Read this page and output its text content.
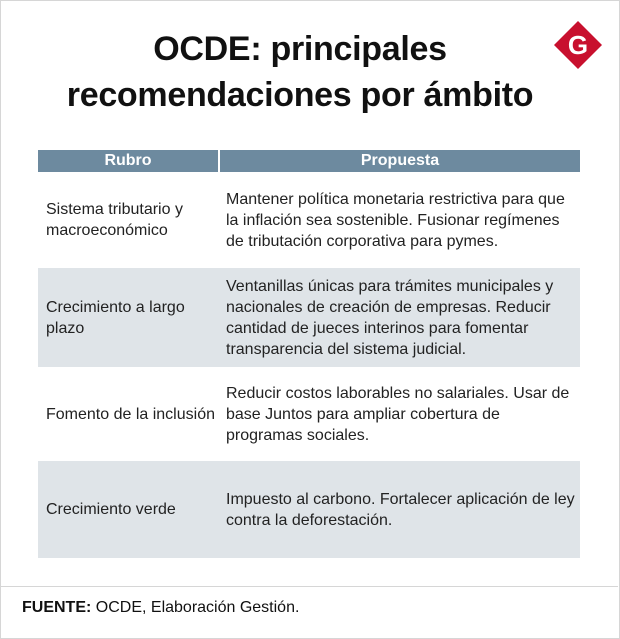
OCDE: principales recomendaciones por ámbito
G
Rubro	Propuesta
Sistema tributario y macroeconómico
Mantener política monetaria restrictiva para que la inflación sea sostenible. Fusionar regímenes de tributación corporativa para pymes.
Crecimiento a largo plazo
Ventanillas únicas para trámites municipales y nacionales de creación de empresas. Reducir cantidad de jueces interinos para fomentar transparencia del sistema judicial.
Fomento de la inclusión
Reducir costos laborables no salariales. Usar de base Juntos para ampliar cobertura de programas sociales.
Crecimiento verde
Impuesto al carbono. Fortalecer aplicación de ley contra la deforestación.
FUENTE: OCDE, Elaboración Gestión.
